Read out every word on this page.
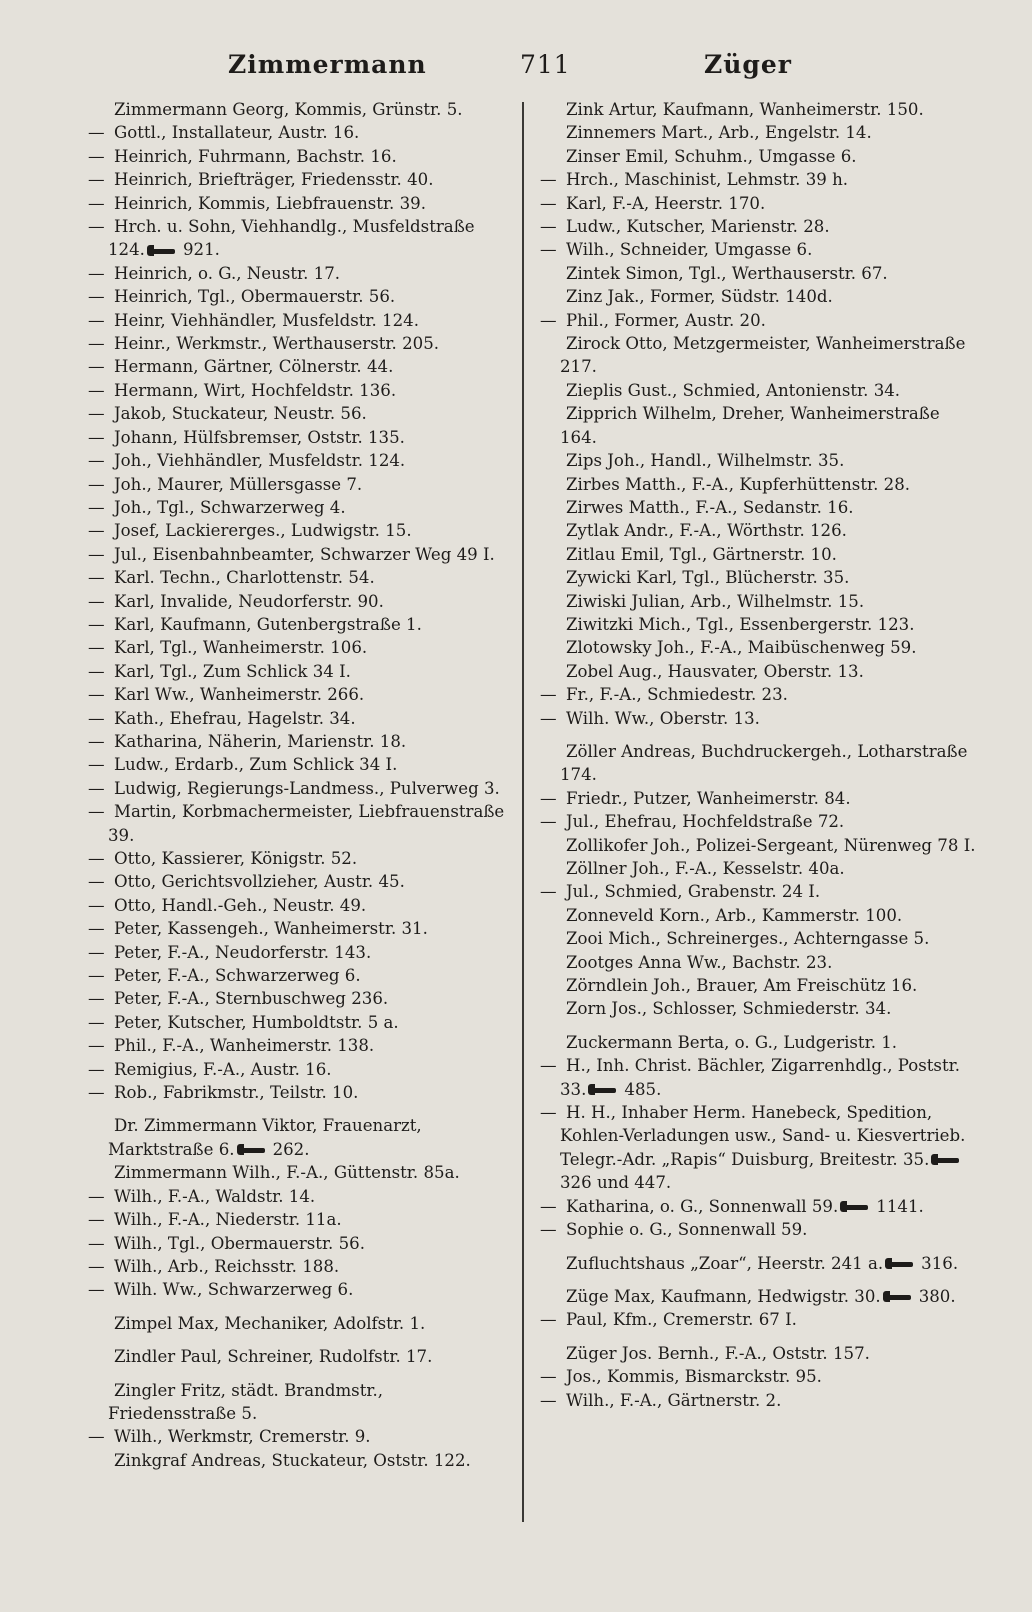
Zimmermann	711	Züger

Zimmermann Georg, Kommis, Grünstr. 5.

— Gottl., Installateur, Austr. 16.

— Heinrich, Fuhrmann, Bachstr. 16.

— Heinrich, Briefträger, Friedensstr. 40.

— Heinrich, Kommis, Liebfrauenstr. 39.

— Hrch. u. Sohn, Viehhandlg., Musfeldstraße 124. 921.

— Heinrich, o. G., Neustr. 17.

— Heinrich, Tgl., Obermauerstr. 56.

— Heinr, Viehhändler, Musfeldstr. 124.

— Heinr., Werkmstr., Werthauserstr. 205.

— Hermann, Gärtner, Cölnerstr. 44.

— Hermann, Wirt, Hochfeldstr. 136.

— Jakob, Stuckateur, Neustr. 56.

— Johann, Hülfsbremser, Oststr. 135.

— Joh., Viehhändler, Musfeldstr. 124.

— Joh., Maurer, Müllersgasse 7.

— Joh., Tgl., Schwarzerweg 4.

— Josef, Lackiererges., Ludwigstr. 15.

— Jul., Eisenbahnbeamter, Schwarzer Weg 49 I.

— Karl. Techn., Charlottenstr. 54.

— Karl, Invalide, Neudorferstr. 90.

— Karl, Kaufmann, Gutenbergstraße 1.

— Karl, Tgl., Wanheimerstr. 106.

— Karl, Tgl., Zum Schlick 34 I.

— Karl Ww., Wanheimerstr. 266.

— Kath., Ehefrau, Hagelstr. 34.

— Katharina, Näherin, Marienstr. 18.

— Ludw., Erdarb., Zum Schlick 34 I.

— Ludwig, Regierungs-Landmess., Pulverweg 3.

— Martin, Korbmachermeister, Liebfrauenstraße 39.

— Otto, Kassierer, Königstr. 52.

— Otto, Gerichtsvollzieher, Austr. 45.

— Otto, Handl.-Geh., Neustr. 49.

— Peter, Kassengeh., Wanheimerstr. 31.

— Peter, F.-A., Neudorferstr. 143.

— Peter, F.-A., Schwarzerweg 6.

— Peter, F.-A., Sternbuschweg 236.

— Peter, Kutscher, Humboldtstr. 5 a.

— Phil., F.-A., Wanheimerstr. 138.

— Remigius, F.-A., Austr. 16.

— Rob., Fabrikmstr., Teilstr. 10.

Dr. Zimmermann Viktor, Frauenarzt, Marktstraße 6. 262.

Zimmermann Wilh., F.-A., Güttenstr. 85a.

— Wilh., F.-A., Waldstr. 14.

— Wilh., F.-A., Niederstr. 11a.

— Wilh., Tgl., Obermauerstr. 56.

— Wilh., Arb., Reichsstr. 188.

— Wilh. Ww., Schwarzerweg 6.

Zimpel Max, Mechaniker, Adolfstr. 1.

Zindler Paul, Schreiner, Rudolfstr. 17.

Zingler Fritz, städt. Brandmstr., Friedensstraße 5.

— Wilh., Werkmstr, Cremerstr. 9.

Zinkgraf Andreas, Stuckateur, Oststr. 122.

Zink Artur, Kaufmann, Wanheimerstr. 150.

Zinnemers Mart., Arb., Engelstr. 14.

Zinser Emil, Schuhm., Umgasse 6.

— Hrch., Maschinist, Lehmstr. 39 h.

— Karl, F.-A, Heerstr. 170.

— Ludw., Kutscher, Marienstr. 28.

— Wilh., Schneider, Umgasse 6.

Zintek Simon, Tgl., Werthauserstr. 67.

Zinz Jak., Former, Südstr. 140d.

— Phil., Former, Austr. 20.

Zirock Otto, Metzgermeister, Wanheimerstraße 217.

Zieplis Gust., Schmied, Antonienstr. 34.

Zipprich Wilhelm, Dreher, Wanheimerstraße 164.

Zips Joh., Handl., Wilhelmstr. 35.

Zirbes Matth., F.-A., Kupferhüttenstr. 28.

Zirwes Matth., F.-A., Sedanstr. 16.

Zytlak Andr., F.-A., Wörthstr. 126.

Zitlau Emil, Tgl., Gärtnerstr. 10.

Zywicki Karl, Tgl., Blücherstr. 35.

Ziwiski Julian, Arb., Wilhelmstr. 15.

Ziwitzki Mich., Tgl., Essenbergerstr. 123.

Zlotowsky Joh., F.-A., Maibüschenweg 59.

Zobel Aug., Hausvater, Oberstr. 13.

— Fr., F.-A., Schmiedestr. 23.

— Wilh. Ww., Oberstr. 13.

Zöller Andreas, Buchdruckergeh., Lotharstraße 174.

— Friedr., Putzer, Wanheimerstr. 84.

— Jul., Ehefrau, Hochfeldstraße 72.

Zollikofer Joh., Polizei-Sergeant, Nürenweg 78 I.

Zöllner Joh., F.-A., Kesselstr. 40a.

— Jul., Schmied, Grabenstr. 24 I.

Zonneveld Korn., Arb., Kammerstr. 100.

Zooi Mich., Schreinerges., Achterngasse 5.

Zootges Anna Ww., Bachstr. 23.

Zörndlein Joh., Brauer, Am Freischütz 16.

Zorn Jos., Schlosser, Schmiederstr. 34.

Zuckermann Berta, o. G., Ludgeristr. 1.

— H., Inh. Christ. Bächler, Zigarrenhdlg., Poststr. 33. 485.

— H. H., Inhaber Herm. Hanebeck, Spedition, Kohlen-Verladungen usw., Sand- u. Kiesvertrieb. Telegr.-Adr. „Rapis“ Duisburg, Breitestr. 35.326 und 447.

— Katharina, o. G., Sonnenwall 59. 1141.

— Sophie o. G., Sonnenwall 59.

Zufluchtshaus „Zoar“, Heerstr. 241 a. 316.

Züge Max, Kaufmann, Hedwigstr. 30. 380.

— Paul, Kfm., Cremerstr. 67 I.

Züger Jos. Bernh., F.-A., Oststr. 157.

— Jos., Kommis, Bismarckstr. 95.

— Wilh., F.-A., Gärtnerstr. 2.
